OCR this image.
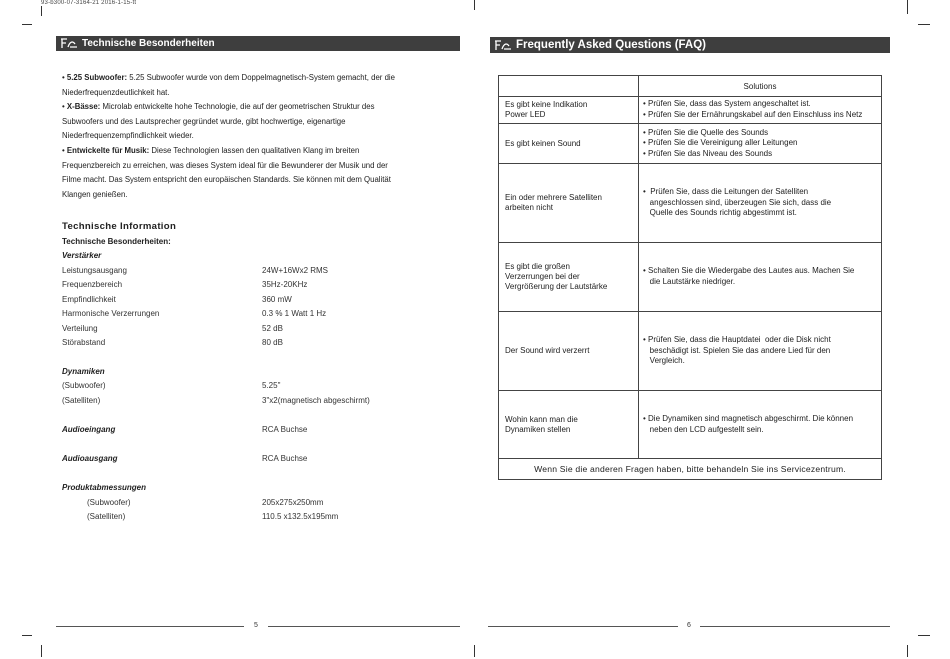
93-b300-07-3164-21 2016-1-15-tt
Technische Besonderheiten

• 5.25 Subwoofer: 5.25 Subwoofer wurde von dem Doppelmagnetisch-System gemacht, der die

Niederfrequenzdeutlichkeit hat.

• X-Bässe: Microlab entwickelte hohe Technologie, die auf der geometrischen Struktur des

Subwoofers und des Lautsprecher gegründet wurde, gibt hochwertige, eigenartige

Niederfrequenzempfindlichkeit wieder.

• Entwickelte für Musik: Diese Technologien lassen den qualitativen Klang im breiten

Frequenzbereich zu erreichen, was dieses System ideal für die Bewunderer der Musik und der

Filme macht. Das System entspricht den europäischen Standards. Sie können mit dem Qualität

Klangen genießen.

Technische Information
Technische Besonderheiten:
Verstärker
Leistungsausgang	24W+16Wx2 RMS
Frequenzbereich	35Hz-20KHz
Empfindlichkeit	360 mW
Harmonische Verzerrungen	0.3 % 1 Watt 1 Hz
Verteilung	52 dB
Störabstand	80 dB
Dynamiken
(Subwoofer)	5.25"
(Satelliten)	3"x2(magnetisch abgeschirmt)
Audioeingang	RCA Buchse
Audioausgang	RCA Buchse
Produktabmessungen
(Subwoofer)	205x275x250mm
(Satelliten)	110.5 x132.5x195mm
5
Frequently Asked Questions (FAQ)
	Solutions

Es gibt keine Indikation
Power LED	• Prüfen Sie, dass das System angeschaltet ist.
• Prüfen Sie der Ernährungskabel auf den Einschluss ins Netz

Es gibt keinen Sound	• Prüfen Sie die Quelle des Sounds
• Prüfen Sie die Vereinigung aller Leitungen
• Prüfen Sie das Niveau des Sounds

Ein oder mehrere Satelliten
arbeiten nicht	•  Prüfen Sie, dass die Leitungen der Satelliten
angeschlossen sind, überzeugen Sie sich, dass die
Quelle des Sounds richtig abgestimmt ist.

Es gibt die großen
Verzerrungen bei der
Vergrößerung der Lautstärke	• Schalten Sie die Wiedergabe des Lautes aus. Machen Sie
die Lautstärke niedriger.

Der Sound wird verzerrt	• Prüfen Sie, dass die Hauptdatei  oder die Disk nicht
beschädigt ist. Spielen Sie das andere Lied für den
Vergleich.

Wohin kann man die
Dynamiken stellen	• Die Dynamiken sind magnetisch abgeschirmt. Die können
neben den LCD aufgestellt sein.

Wenn Sie die anderen Fragen haben, bitte behandeln Sie ins Servicezentrum.	
6
